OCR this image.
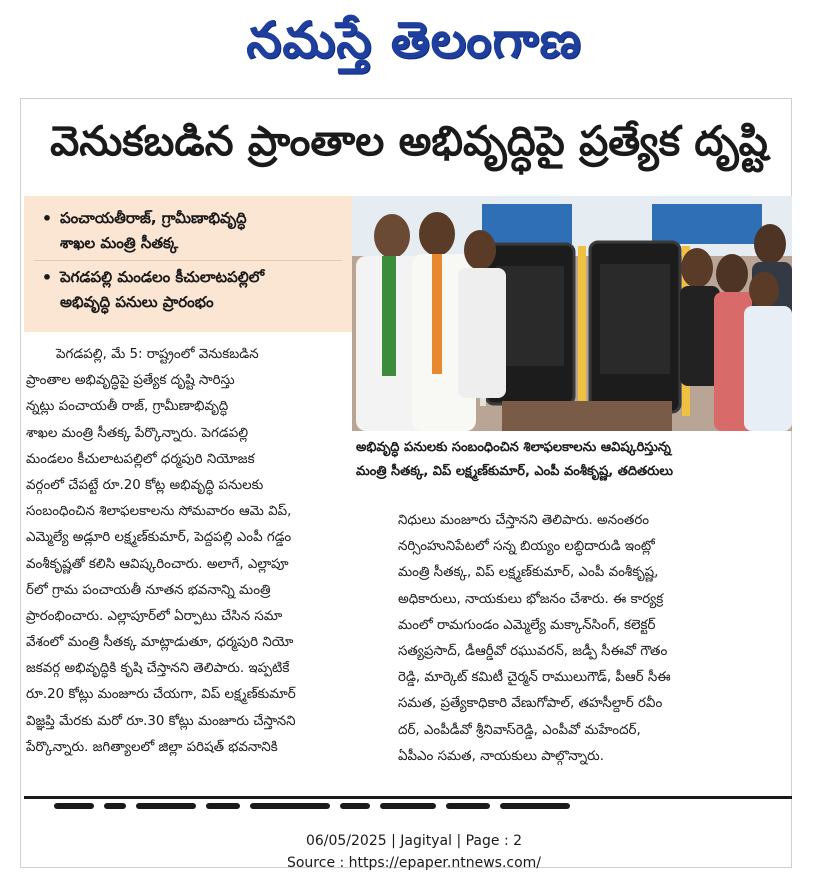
నమస్తే తెలంగాణ
వెనుకబడిన ప్రాంతాల అభివృద్ధిపై ప్రత్యేక దృష్టి
• పంచాయతీరాజ్, గ్రామీణాభివృద్ధి
శాఖల మంత్రి సీతక్క
• పెగడపల్లి మండలం కీచులాటపల్లిలో
అభివృద్ధి పనులు ప్రారంభం
అభివృద్ధి పనులకు సంబంధించిన శిలాఫలకాలను ఆవిష్కరిస్తున్న
మంత్రి సీతక్క, విప్ లక్ష్మణ్‌కుమార్, ఎంపీ వంశీకృష్ణ, తదితరులు
పెగడపల్లి, మే 5: రాష్ట్రంలో వెనుకబడిన
ప్రాంతాల అభివృద్ధిపై ప్రత్యేక దృష్టి సారిస్తు
న్నట్లు పంచాయతీ రాజ్, గ్రామీణాభివృద్ధి
శాఖల మంత్రి సీతక్క పేర్కొన్నారు. పెగడపల్లి
మండలం కీచులాటపల్లిలో ధర్మపురి నియోజక
వర్గంలో చేపట్టే రూ.20 కోట్ల అభివృద్ధి పనులకు
సంబంధించిన శిలాఫలకాలను సోమవారం ఆమె విప్,
ఎమ్మెల్యే అడ్లూరి లక్ష్మణ్‌కుమార్, పెద్దపల్లి ఎంపీ గడ్డం
వంశీకృష్ణతో కలిసి ఆవిష్కరించారు. అలాగే, ఎల్లాపూ
ర్‌లో గ్రామ పంచాయతీ నూతన భవనాన్ని మంత్రి
ప్రారంభించారు. ఎల్లాపూర్‌లో ఏర్పాటు చేసిన సమా
వేశంలో మంత్రి సీతక్క మాట్లాడుతూ, ధర్మపురి నియో
జకవర్గ అభివృద్ధికి కృషి చేస్తానని తెలిపారు. ఇప్పటికే
రూ.20 కోట్లు మంజూరు చేయగా, విప్ లక్ష్మణ్‌కుమార్
విజ్ఞప్తి మేరకు మరో రూ.30 కోట్లు మంజూరు చేస్తానని
పేర్కొన్నారు. జగిత్యాలలో జిల్లా పరిషత్ భవనానికి
నిధులు మంజూరు చేస్తానని తెలిపారు. అనంతరం
నర్సింహునిపేటలో సన్న బియ్యం లబ్ధిదారుడి ఇంట్లో
మంత్రి సీతక్క, విప్ లక్ష్మణ్‌కుమార్, ఎంపీ వంశీకృష్ణ,
అధికారులు, నాయకులు భోజనం చేశారు. ఈ కార్యక్ర
మంలో రామగుండం ఎమ్మెల్యే మక్కాన్‌సింగ్, కలెక్టర్
సత్యప్రసాద్, డీఆర్డీవో రఘువరన్, జడ్పీ సీఈవో గౌతం
రెడ్డి, మార్కెట్ కమిటీ చైర్మన్ రాములుగౌడ్, పీఆర్ సీఈ
సమత, ప్రత్యేకాధికారి వేణుగోపాల్, తహసీల్దార్ రవీం
దర్, ఎంపీడీవో శ్రీనివాస్‌రెడ్డి, ఎంపీవో మహేందర్,
ఏపీఎం సమత, నాయకులు పాల్గొన్నారు.
06/05/2025 | Jagityal | Page : 2
Source : https://epaper.ntnews.com/
